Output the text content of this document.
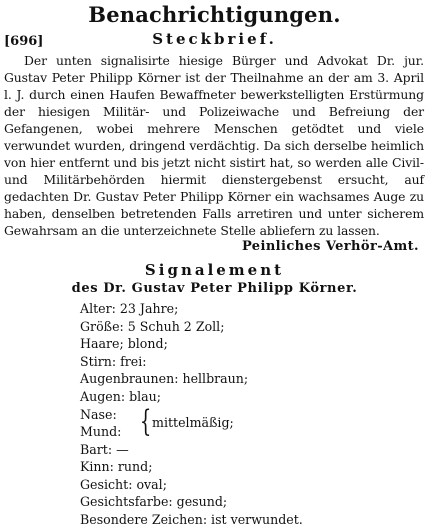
Benachrichtigungen.
[696]	Steckbrief.

Der unten signalisirte hiesige Bürger und Advokat Dr. jur. Gustav Peter Philipp Körner ist der Theilnahme an der am 3. April l. J. durch einen Haufen Bewaffneter bewerkstelligten Erstürmung der hiesigen Militär- und Polizeiwache und Befreiung der Gefangenen, wobei mehrere Menschen getödtet und viele verwundet wurden, dringend verdächtig. Da sich derselbe heimlich von hier entfernt und bis jetzt nicht sistirt hat, so werden alle Civil- und Militärbehörden hiermit dienstergebenst ersucht, auf gedachten Dr. Gustav Peter Philipp Körner ein wachsames Auge zu haben, denselben betretenden Falls arretiren und unter sicherem Gewahrsam an die unterzeichnete Stelle abliefern zu lassen.

Peinliches Verhör-Amt.
Signalement
des Dr. Gustav Peter Philipp Körner.
Alter: 23 Jahre;
Größe: 5 Schuh 2 Zoll;
Haare; blond;
Stirn: frei:
Augenbraunen: hellbraun;
Augen: blau;
Nase:
Mund: { mittelmäßig;
Bart: —
Kinn: rund;
Gesicht: oval;
Gesichtsfarbe: gesund;
Besondere Zeichen: ist verwundet.
